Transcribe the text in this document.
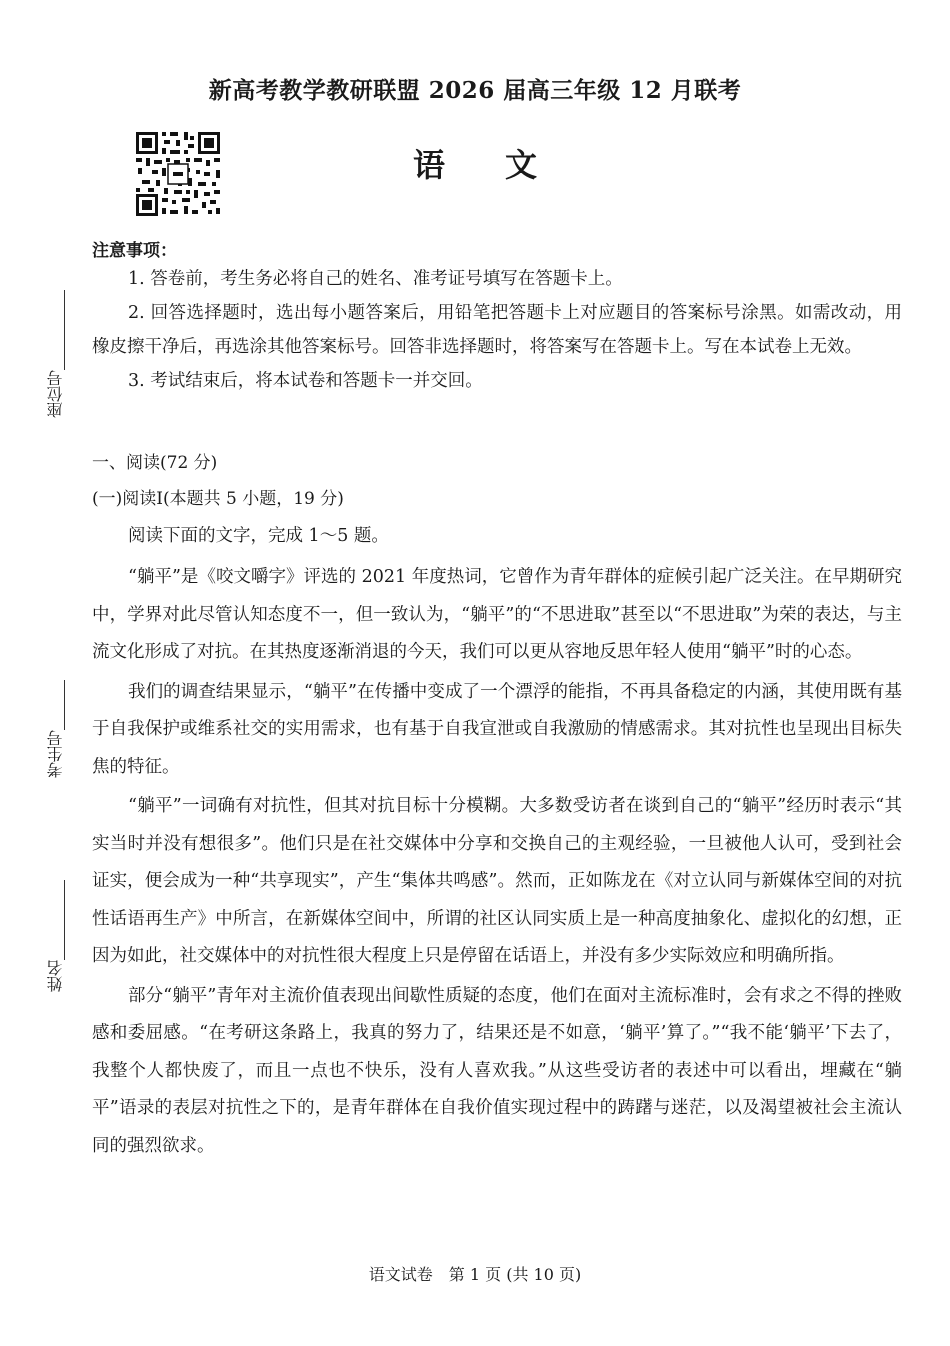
新高考教学教研联盟 2026 届高三年级 12 月联考
语文
座位号
考生号
姓名
注意事项：

1. 答卷前，考生务必将自己的姓名、准考证号填写在答题卡上。

2. 回答选择题时，选出每小题答案后，用铅笔把答题卡上对应题目的答案标号涂黑。如需改动，用橡皮擦干净后，再选涂其他答案标号。回答非选择题时，将答案写在答题卡上。写在本试卷上无效。

3. 考试结束后，将本试卷和答题卡一并交回。

一、阅读(72 分)
(一)阅读Ⅰ(本题共 5 小题，19 分)
阅读下面的文字，完成 1～5 题。

“躺平”是《咬文嚼字》评选的 2021 年度热词，它曾作为青年群体的症候引起广泛关注。在早期研究中，学界对此尽管认知态度不一，但一致认为，“躺平”的“不思进取”甚至以“不思进取”为荣的表达，与主流文化形成了对抗。在其热度逐渐消退的今天，我们可以更从容地反思年轻人使用“躺平”时的心态。

我们的调查结果显示，“躺平”在传播中变成了一个漂浮的能指，不再具备稳定的内涵，其使用既有基于自我保护或维系社交的实用需求，也有基于自我宣泄或自我激励的情感需求。其对抗性也呈现出目标失焦的特征。

“躺平”一词确有对抗性，但其对抗目标十分模糊。大多数受访者在谈到自己的“躺平”经历时表示“其实当时并没有想很多”。他们只是在社交媒体中分享和交换自己的主观经验，一旦被他人认可，受到社会证实，便会成为一种“共享现实”，产生“集体共鸣感”。然而，正如陈龙在《对立认同与新媒体空间的对抗性话语再生产》中所言，在新媒体空间中，所谓的社区认同实质上是一种高度抽象化、虚拟化的幻想，正因为如此，社交媒体中的对抗性很大程度上只是停留在话语上，并没有多少实际效应和明确所指。

部分“躺平”青年对主流价值表现出间歇性质疑的态度，他们在面对主流标准时，会有求之不得的挫败感和委屈感。“在考研这条路上，我真的努力了，结果还是不如意，‘躺平’算了。”“我不能‘躺平’下去了，我整个人都快废了，而且一点也不快乐，没有人喜欢我。”从这些受访者的表述中可以看出，埋藏在“躺平”语录的表层对抗性之下的，是青年群体在自我价值实现过程中的踌躇与迷茫，以及渴望被社会主流认同的强烈欲求。

语文试卷　第 1 页 (共 10 页)
